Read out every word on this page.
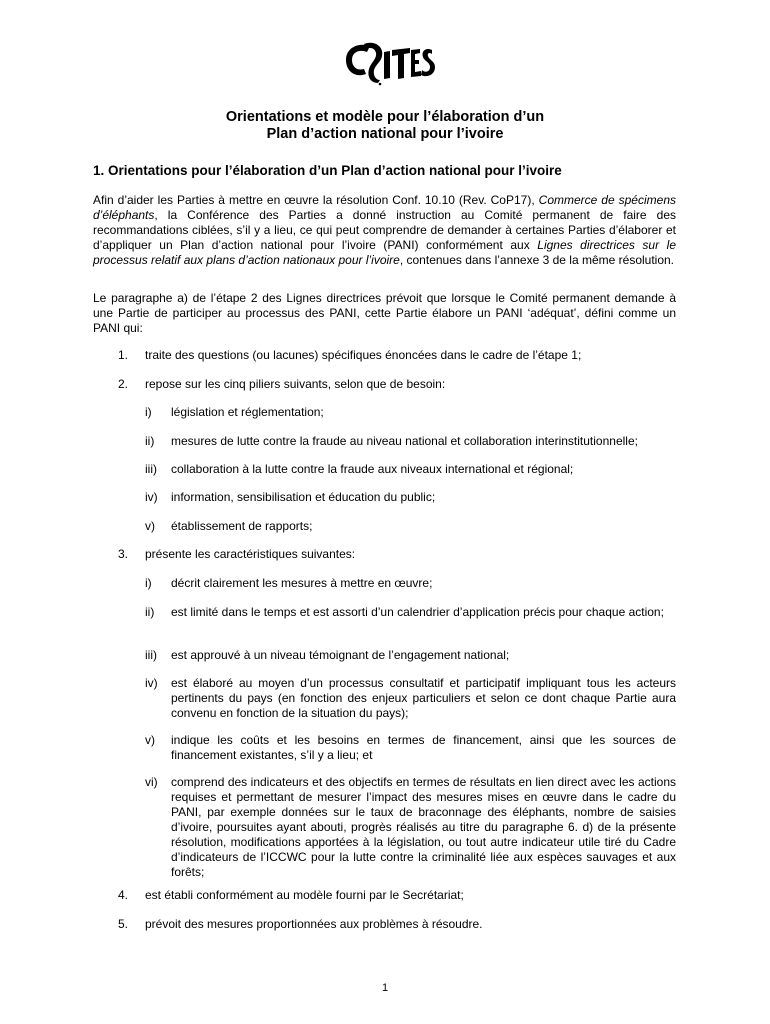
Orientations et modèle pour l’élaboration d’un
Plan d’action national pour l’ivoire
1. Orientations pour l’élaboration d’un Plan d’action national pour l’ivoire
Afin d’aider les Parties à mettre en œuvre la résolution Conf. 10.10 (Rev. CoP17), Commerce de spécimens d’éléphants, la Conférence des Parties a donné instruction au Comité permanent de faire des recommandations ciblées, s’il y a lieu, ce qui peut comprendre de demander à certaines Parties d’élaborer et d’appliquer un Plan d’action national pour l’ivoire (PANI) conformément aux Lignes directrices sur le processus relatif aux plans d’action nationaux pour l’ivoire, contenues dans l’annexe 3 de la même résolution.
Le paragraphe a) de l’étape 2 des Lignes directrices prévoit que lorsque le Comité permanent demande à une Partie de participer au processus des PANI, cette Partie élabore un PANI ‘adéquat’, défini comme un PANI qui:
1. traite des questions (ou lacunes) spécifiques énoncées dans le cadre de l’étape 1;
2. repose sur les cinq piliers suivants, selon que de besoin:
i) législation et réglementation;
ii) mesures de lutte contre la fraude au niveau national et collaboration interinstitutionnelle;
iii) collaboration à la lutte contre la fraude aux niveaux international et régional;
iv) information, sensibilisation et éducation du public;
v) établissement de rapports;
3. présente les caractéristiques suivantes:
i) décrit clairement les mesures à mettre en œuvre;
ii) est limité dans le temps et est assorti d’un calendrier d’application précis pour chaque action;
iii) est approuvé à un niveau témoignant de l’engagement national;
iv) est élaboré au moyen d’un processus consultatif et participatif impliquant tous les acteurs pertinents du pays (en fonction des enjeux particuliers et selon ce dont chaque Partie aura convenu en fonction de la situation du pays);
v) indique les coûts et les besoins en termes de financement, ainsi que les sources de financement existantes, s’il y a lieu; et
vi) comprend des indicateurs et des objectifs en termes de résultats en lien direct avec les actions requises et permettant de mesurer l’impact des mesures mises en œuvre dans le cadre du PANI, par exemple données sur le taux de braconnage des éléphants, nombre de saisies d’ivoire, poursuites ayant abouti, progrès réalisés au titre du paragraphe 6. d) de la présente résolution, modifications apportées à la législation, ou tout autre indicateur utile tiré du Cadre d’indicateurs de l’ICCWC pour la lutte contre la criminalité liée aux espèces sauvages et aux forêts;
4. est établi conformément au modèle fourni par le Secrétariat;
5. prévoit des mesures proportionnées aux problèmes à résoudre.
1
